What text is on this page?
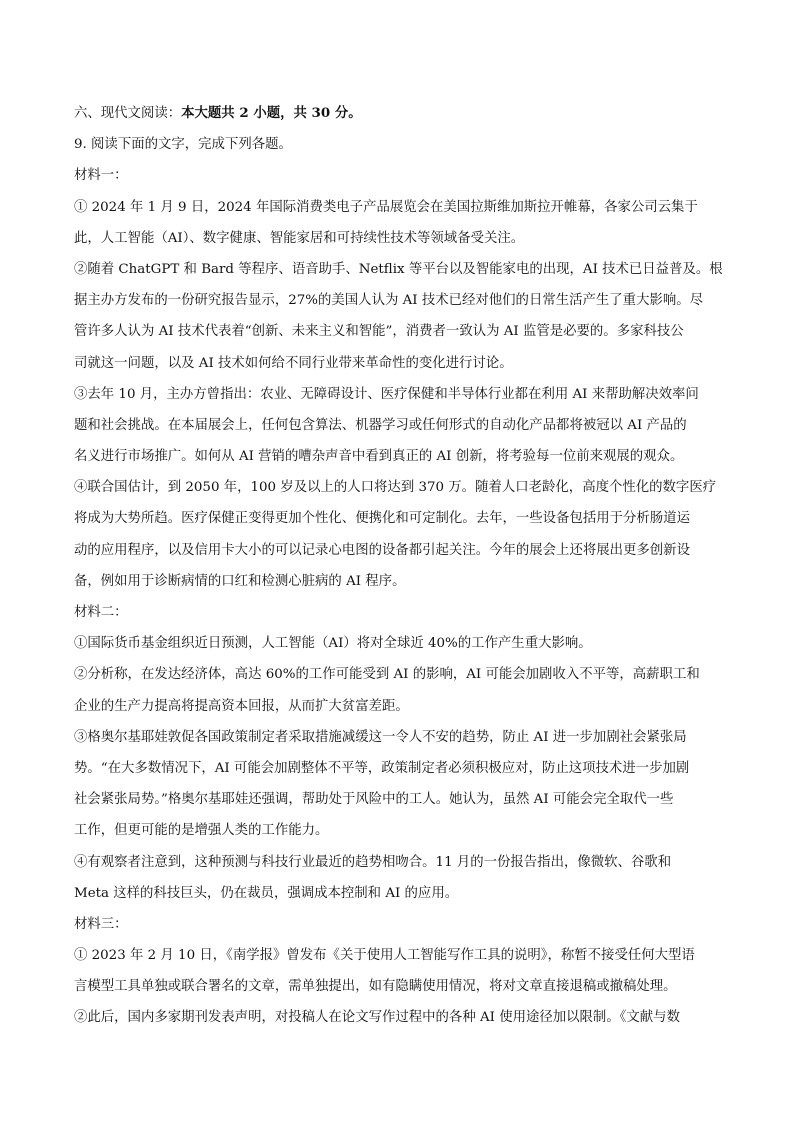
六、现代文阅读：本大题共 2 小题，共 30 分。
9. 阅读下面的文字，完成下列各题。
材料一：
① 2024 年 1 月 9 日，2024 年国际消费类电子产品展览会在美国拉斯维加斯拉开帷幕，各家公司云集于
此，人工智能（AI）、数字健康、智能家居和可持续性技术等领域备受关注。
②随着 ChatGPT 和 Bard 等程序、语音助手、Netflix 等平台以及智能家电的出现，AI 技术已日益普及。根
据主办方发布的一份研究报告显示，27%的美国人认为 AI 技术已经对他们的日常生活产生了重大影响。尽
管许多人认为 AI 技术代表着“创新、未来主义和智能”，消费者一致认为 AI 监管是必要的。多家科技公
司就这一问题，以及 AI 技术如何给不同行业带来革命性的变化进行讨论。
③去年 10 月，主办方曾指出：农业、无障碍设计、医疗保健和半导体行业都在利用 AI 来帮助解决效率问
题和社会挑战。在本届展会上，任何包含算法、机器学习或任何形式的自动化产品都将被冠以 AI 产品的
名义进行市场推广。如何从 AI 营销的嘈杂声音中看到真正的 AI 创新，将考验每一位前来观展的观众。
④联合国估计，到 2050 年，100 岁及以上的人口将达到 370 万。随着人口老龄化，高度个性化的数字医疗
将成为大势所趋。医疗保健正变得更加个性化、便携化和可定制化。去年，一些设备包括用于分析肠道运
动的应用程序，以及信用卡大小的可以记录心电图的设备都引起关注。今年的展会上还将展出更多创新设
备，例如用于诊断病情的口红和检测心脏病的 AI 程序。
材料二：
①国际货币基金组织近日预测，人工智能（AI）将对全球近 40%的工作产生重大影响。
②分析称，在发达经济体，高达 60%的工作可能受到 AI 的影响，AI 可能会加剧收入不平等，高薪职工和
企业的生产力提高将提高资本回报，从而扩大贫富差距。
③格奥尔基耶娃敦促各国政策制定者采取措施减缓这一令人不安的趋势，防止 AI 进一步加剧社会紧张局
势。“在大多数情况下，AI 可能会加剧整体不平等，政策制定者必须积极应对，防止这项技术进一步加剧
社会紧张局势。”格奥尔基耶娃还强调，帮助处于风险中的工人。她认为，虽然 AI 可能会完全取代一些
工作，但更可能的是增强人类的工作能力。
④有观察者注意到，这种预测与科技行业最近的趋势相吻合。11 月的一份报告指出，像微软、谷歌和
Meta 这样的科技巨头，仍在裁员，强调成本控制和 AI 的应用。
材料三：
① 2023 年 2 月 10 日，《南学报》曾发布《关于使用人工智能写作工具的说明》，称暂不接受任何大型语
言模型工具单独或联合署名的文章，需单独提出，如有隐瞒使用情况，将对文章直接退稿或撤稿处理。
②此后，国内多家期刊发表声明，对投稿人在论文写作过程中的各种 AI 使用途径加以限制。《文献与数
